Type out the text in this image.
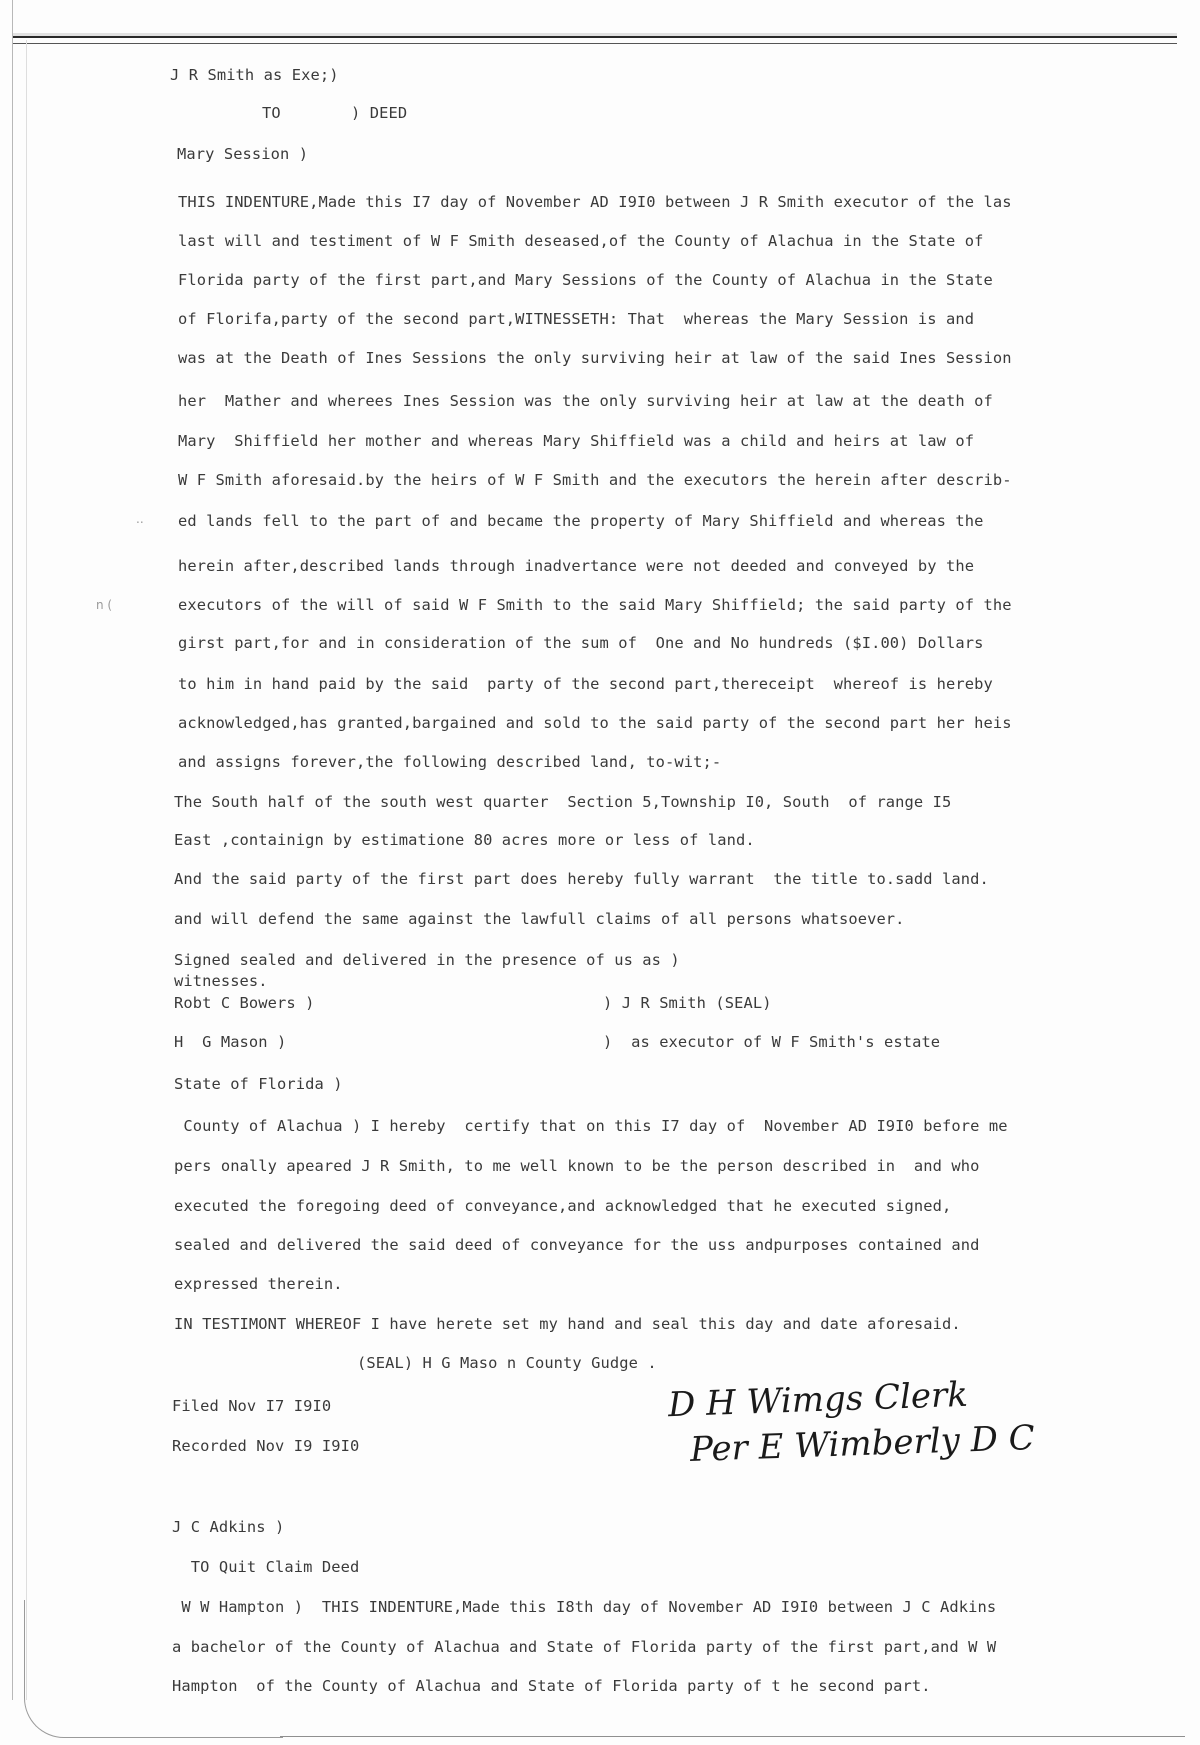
J R Smith as Exe;)
TO	) DEED
Mary Session )
THIS INDENTURE,Made this I7 day of November AD I9I0 between J R Smith executor of the las
last will and testiment of W F Smith deseased,of the County of Alachua in the State of
Florida party of the first part,and Mary Sessions of the County of Alachua in the State
of Florifa,party of the second part,WITNESSETH: That  whereas the Mary Session is and
was at the Death of Ines Sessions the only surviving heir at law of the said Ines Session
her  Mather and wherees Ines Session was the only surviving heir at law at the death of
Mary  Shiffield her mother and whereas Mary Shiffield was a child and heirs at law of
W F Smith aforesaid.by the heirs of W F Smith and the executors the herein after describ-
.. ed lands fell to the part of and became the property of Mary Shiffield and whereas the
herein after,described lands through inadvertance were not deeded and conveyed by the
n (	executors of the will of said W F Smith to the said Mary Shiffield; the said party of the
girst part,for and in consideration of the sum of  One and No hundreds ($I.00) Dollars
to him in hand paid by the said  party of the second part,thereceipt  whereof is hereby
acknowledged,has granted,bargained and sold to the said party of the second part her heis
and assigns forever,the following described land, to-wit;-
The South half of the south west quarter  Section 5,Township I0, South  of range I5
East ,containign by estimatione 80 acres more or less of land.
And the said party of the first part does hereby fully warrant  the title to.sadd land.
and will defend the same against the lawfull claims of all persons whatsoever.
Signed sealed and delivered in the presence of us as )
witnesses.
Robt C Bowers )	) J R Smith (SEAL)
H  G Mason )	)  as executor of W F Smith's estate
State of Florida )
County of Alachua ) I hereby  certify that on this I7 day of  November AD I9I0 before me
pers onally apeared J R Smith, to me well known to be the person described in  and who
executed the foregoing deed of conveyance,and acknowledged that he executed signed,
sealed and delivered the said deed of conveyance for the uss andpurposes contained and
expressed therein.
IN TESTIMONT WHEREOF I have herete set my hand and seal this day and date aforesaid.
(SEAL) H G Maso n County Gudge .
Filed Nov I7 I9I0
Recorded Nov I9 I9I0
D H Wimgs Clerk
Per E Wimberly D C
J C Adkins )
TO Quit Claim Deed
W W Hampton )  THIS INDENTURE,Made this I8th day of November AD I9I0 between J C Adkins
a bachelor of the County of Alachua and State of Florida party of the first part,and W W
Hampton  of the County of Alachua and State of Florida party of t he second part.
